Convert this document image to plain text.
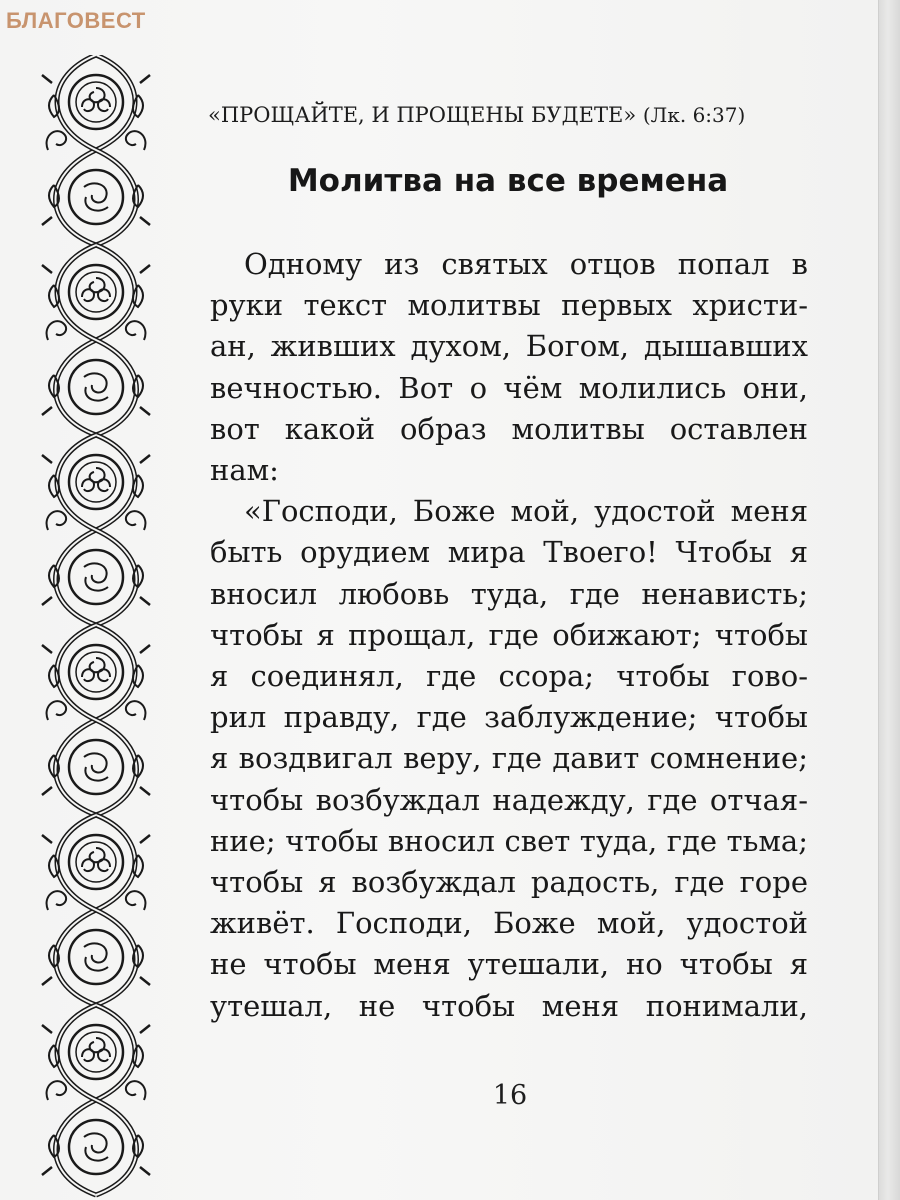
БЛАГОВЕСТ
«ПРОЩАЙТЕ, И ПРОЩЕНЫ БУДЕТЕ» (Лк. 6:37)
Молитва на все времена
Одному из святых отцов попал в
руки текст молитвы первых христи-
ан, живших духом, Богом, дышавших
вечностью. Вот о чём молились они,
вот какой образ молитвы оставлен
нам:
«Господи, Боже мой, удостой меня
быть орудием мира Твоего! Чтобы я
вносил любовь туда, где ненависть;
чтобы я прощал, где обижают; чтобы
я соединял, где ссора; чтобы гово-
рил правду, где заблуждение; чтобы
я воздвигал веру, где давит сомнение;
чтобы возбуждал надежду, где отчая-
ние; чтобы вносил свет туда, где тьма;
чтобы я возбуждал радость, где горе
живёт. Господи, Боже мой, удостой
не чтобы меня утешали, но чтобы я
утешал, не чтобы меня понимали,
16
